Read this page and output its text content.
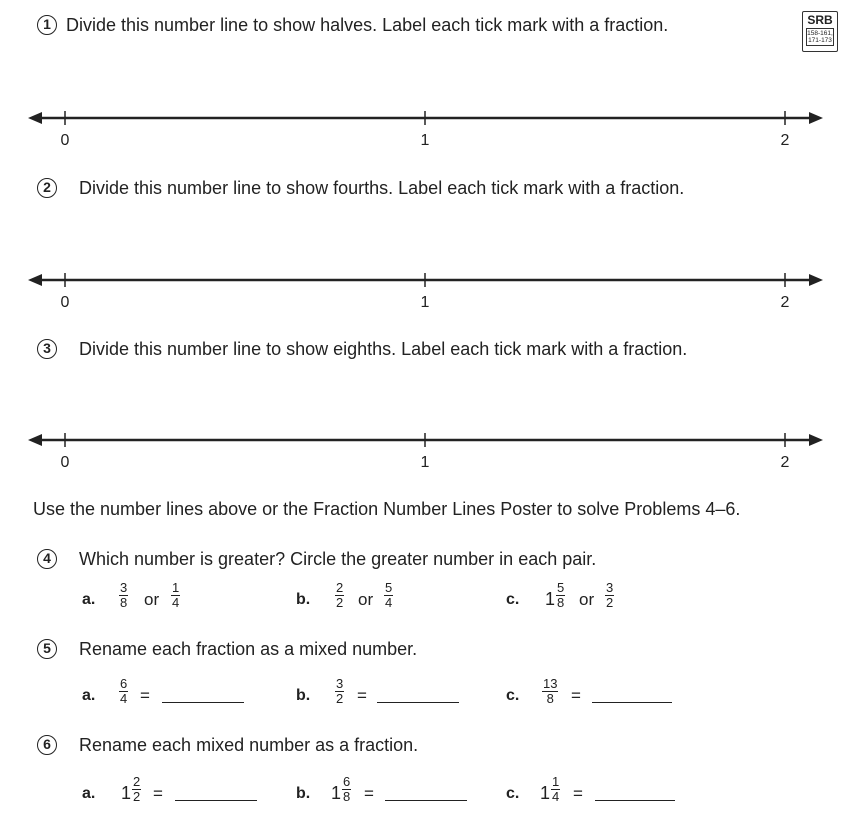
1 Divide this number line to show halves. Label each tick mark with a fraction.	SRB
158-161, 171-173
0	1	2
2	Divide this number line to show fourths. Label each tick mark with a fraction.
0	1	2
3	Divide this number line to show eighths. Label each tick mark with a fraction.
0	1	2
Use the number lines above or the Fraction Number Lines Poster to solve Problems 4–6.
4	Which number is greater? Circle the greater number in each pair.
a.
3
8 or
1
4	b.
2
2 or
5
4	c. 1
5
8 or
3
2
5	Rename each fraction as a mixed number.
a.
6
4 =	b.
3
2 =	c.
13
8 =
6	Rename each mixed number as a fraction.
a. 1
2
2 =	b. 1
6
8 =	c. 1
1
4 =
